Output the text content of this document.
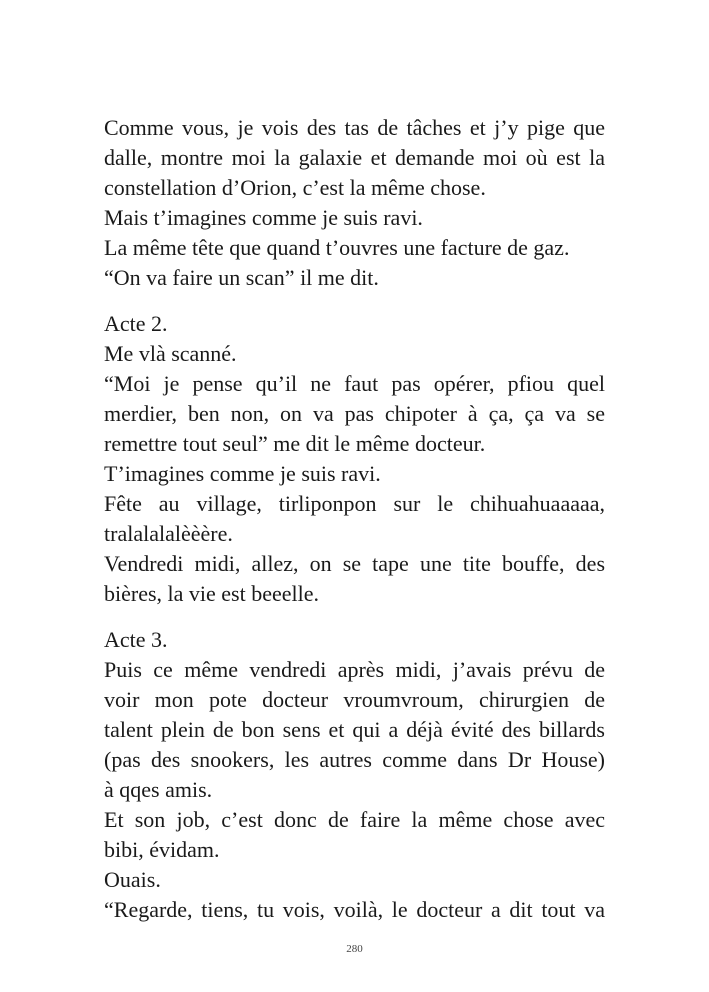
Comme vous, je vois des tas de tâches et j’y pige que
dalle, montre moi la galaxie et demande moi où est la
constellation d’Orion, c’est la même chose.
Mais t’imagines comme je suis ravi.
La même tête que quand t’ouvres une facture de gaz.
“On va faire un scan” il me dit.
Acte 2.
Me vlà scanné.
“Moi je pense qu’il ne faut pas opérer, pfiou quel
merdier, ben non, on va pas chipoter à ça, ça va se
remettre tout seul” me dit le même docteur.
T’imagines comme je suis ravi.
Fête au village, tirliponpon sur le chihuahuaaaaa,
tralalalalèèère.
Vendredi midi, allez, on se tape une tite bouffe, des
bières, la vie est beeelle.
Acte 3.
Puis ce même vendredi après midi, j’avais prévu de
voir mon pote docteur vroumvroum, chirurgien de
talent plein de bon sens et qui a déjà évité des billards
(pas des snookers, les autres comme dans Dr House)
à qqes amis.
Et son job, c’est donc de faire la même chose avec
bibi, évidam.
Ouais.
“Regarde, tiens, tu vois, voilà, le docteur a dit tout va
280
